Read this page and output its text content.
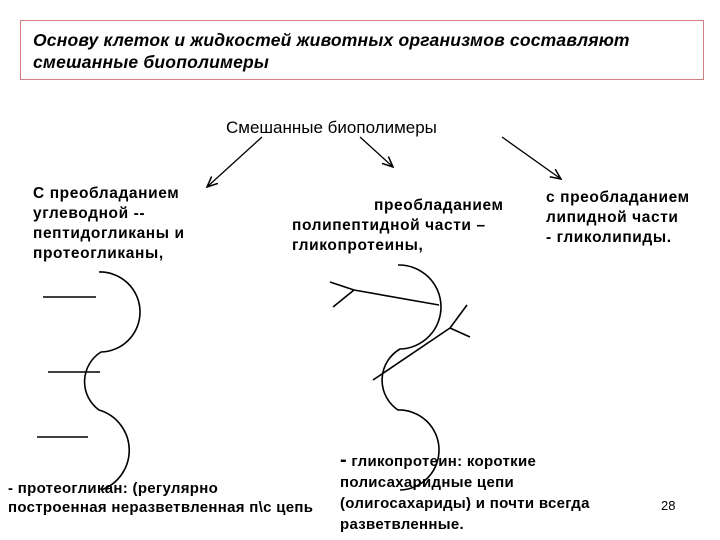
Основу клеток и жидкостей животных организмов составляют смешанные биополимеры
Смешанные биополимеры
С преобладанием
углеводной --
пептидогликаны и
протеогликаны,
преобладанием
полипептидной части –
гликопротеины,
с преобладанием
липидной части
- гликолипиды.
- гликопротеин: короткие
полисахаридные цепи
(олигосахариды) и почти всегда
разветвленные.
- протеогликан: (регулярно
построенная неразветвленная п\с цепь	28
